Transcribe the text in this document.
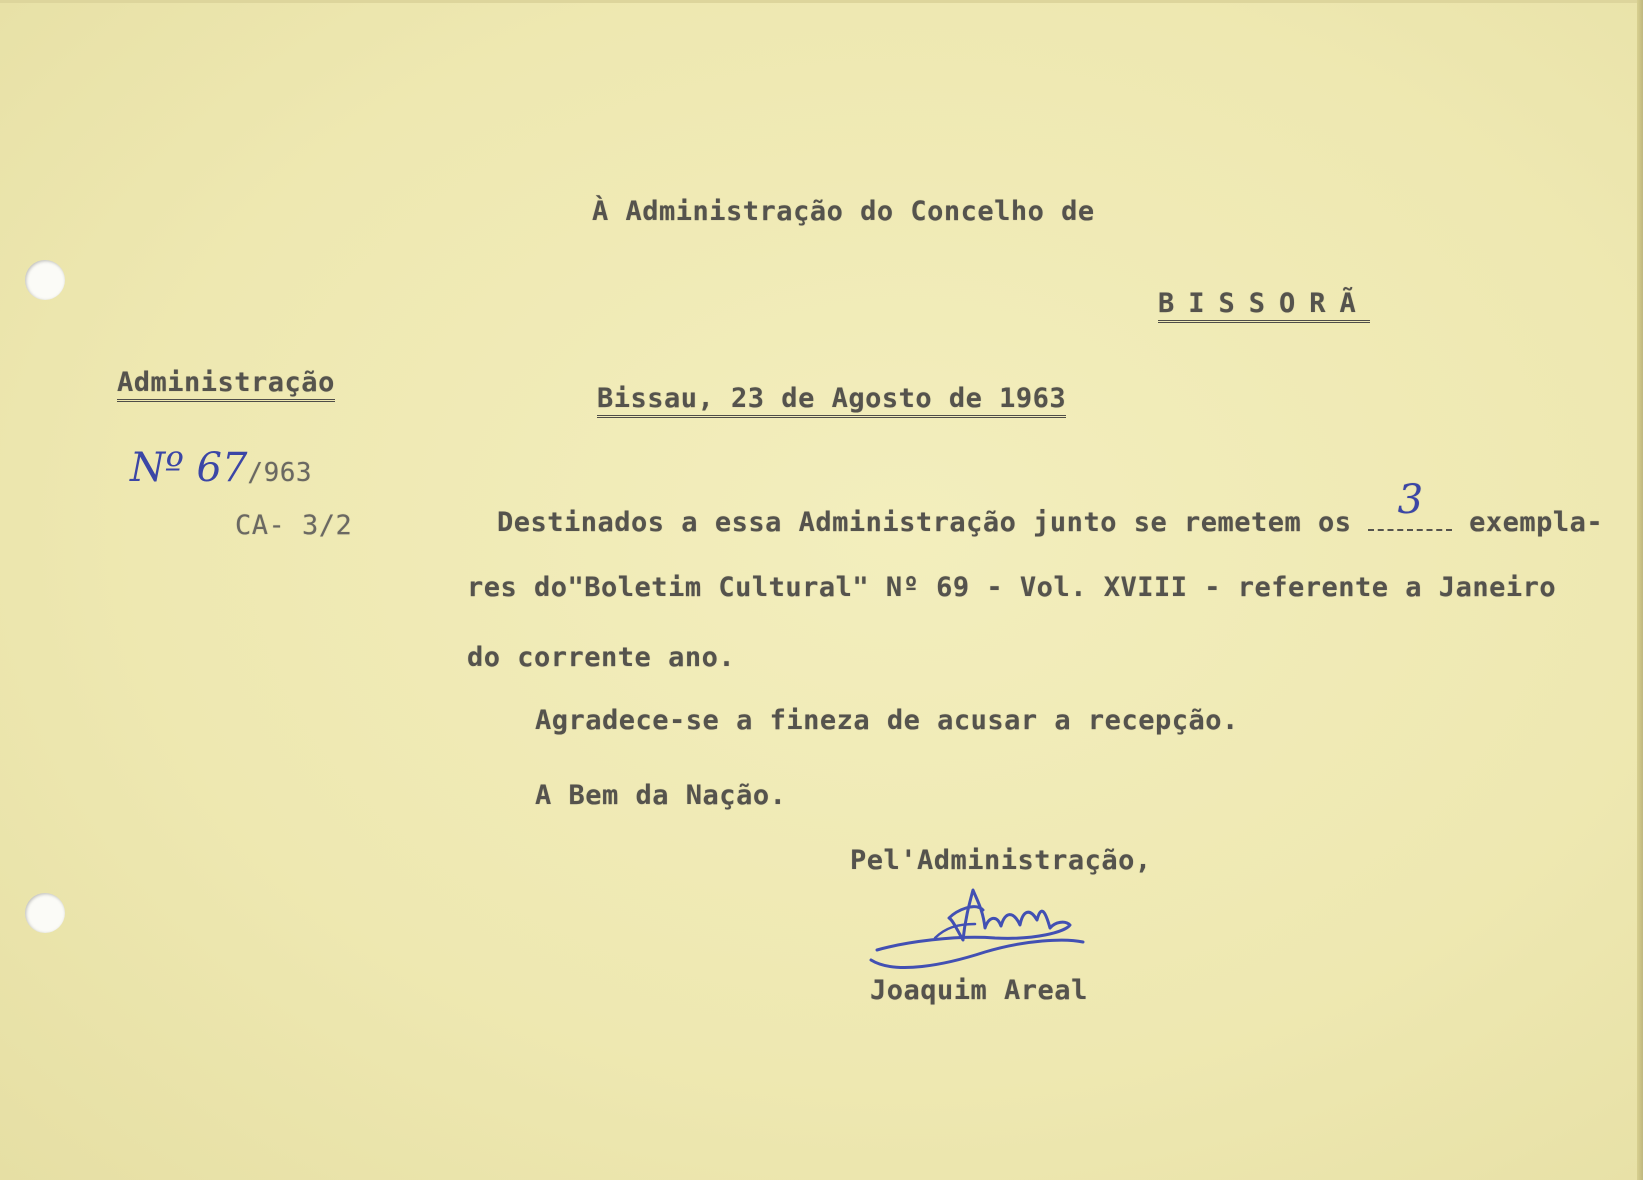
À Administração do Concelho de
BISSORÃ
Administração
Bissau, 23 de Agosto de 1963
Nº 67/963
CA- 3/2	Destinados a essa Administração junto se remetem os	3	exempla-
res do"Boletim Cultural" Nº 69 - Vol. XVIII - referente a Janeiro
do corrente ano.
Agradece-se a fineza de acusar a recepção.
A Bem da Nação.
Pel'Administração,
Joaquim Areal
